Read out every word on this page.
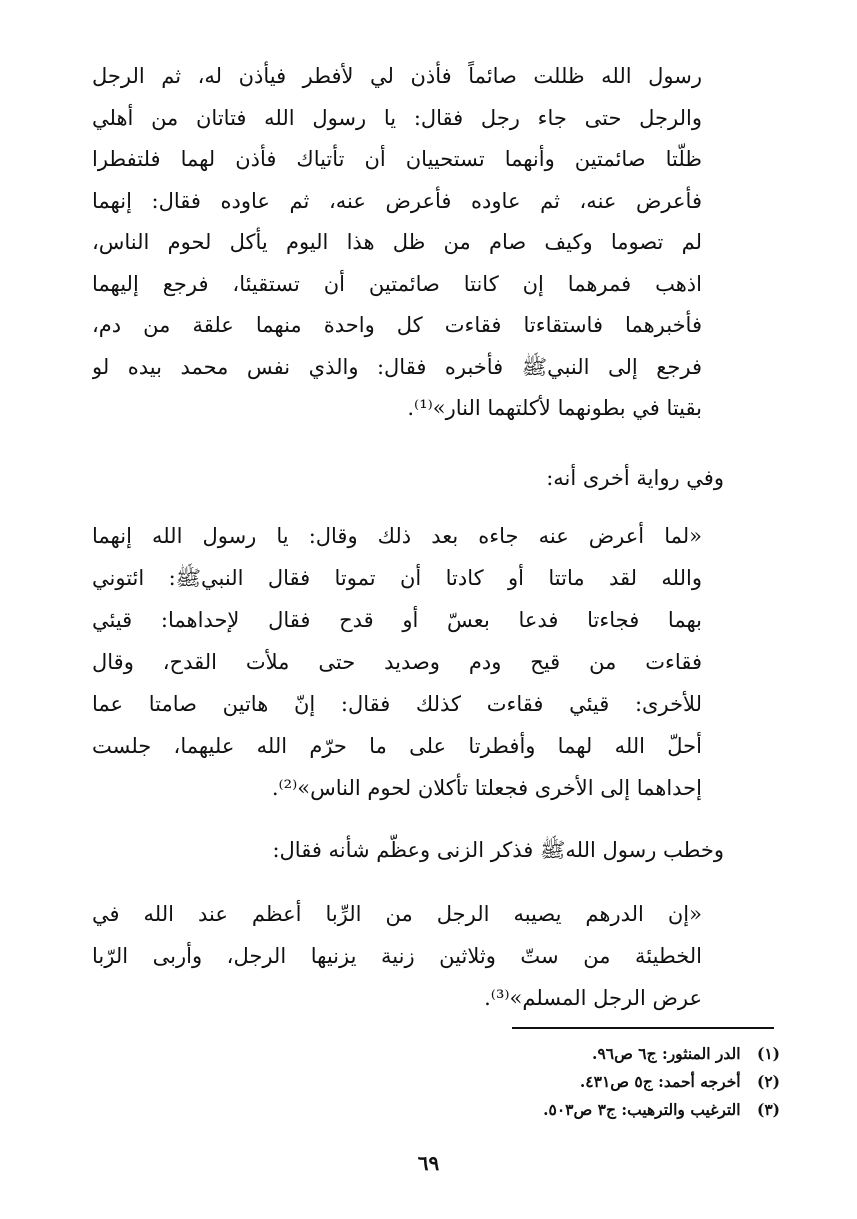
رسول الله ظللت صائماً فأذن لي لأفطر فيأذن له، ثم الرجل
والرجل حتى جاء رجل فقال: يا رسول الله فتاتان من أهلي
ظلّتا صائمتين وأنهما تستحييان أن تأتياك فأذن لهما فلتفطرا
فأعرض عنه، ثم عاوده فأعرض عنه، ثم عاوده فقال: إنهما
لم تصوما وكيف صام من ظل هذا اليوم يأكل لحوم الناس،
اذهب فمرهما إن كانتا صائمتين أن تستقيئا، فرجع إليهما
فأخبرهما فاستقاءتا فقاءت كل واحدة منهما علقة من دم،
فرجع إلى النبيﷺ فأخبره فقال: والذي نفس محمد بيده لو
بقيتا في بطونهما لأكلتهما النار»⁽¹⁾.
وفي رواية أخرى أنه:
«لما أعرض عنه جاءه بعد ذلك وقال: يا رسول الله إنهما
والله لقد ماتتا أو كادتا أن تموتا فقال النبيﷺ: ائتوني
بهما فجاءتا فدعا بعسّ أو قدح فقال لإحداهما: قيئي
فقاءت من قيح ودم وصديد حتى ملأت القدح، وقال
للأخرى: قيئي فقاءت كذلك فقال: إنّ هاتين صامتا عما
أحلّ الله لهما وأفطرتا على ما حرّم الله عليهما، جلست
إحداهما إلى الأخرى فجعلتا تأكلان لحوم الناس»⁽²⁾.
وخطب رسول اللهﷺ فذكر الزنى وعظّم شأنه فقال:
«إن الدرهم يصيبه الرجل من الرِّبا أعظم عند الله في
الخطيئة من ستّ وثلاثين زنية يزنيها الرجل، وأربى الرّبا
عرض الرجل المسلم»⁽³⁾.
(١) الدر المنثور: ج٦ ص٩٦.
(٢) أخرجه أحمد: ج٥ ص٤٣١.
(٣) الترغيب والترهيب: ج٣ ص٥٠٣.
٦٩
